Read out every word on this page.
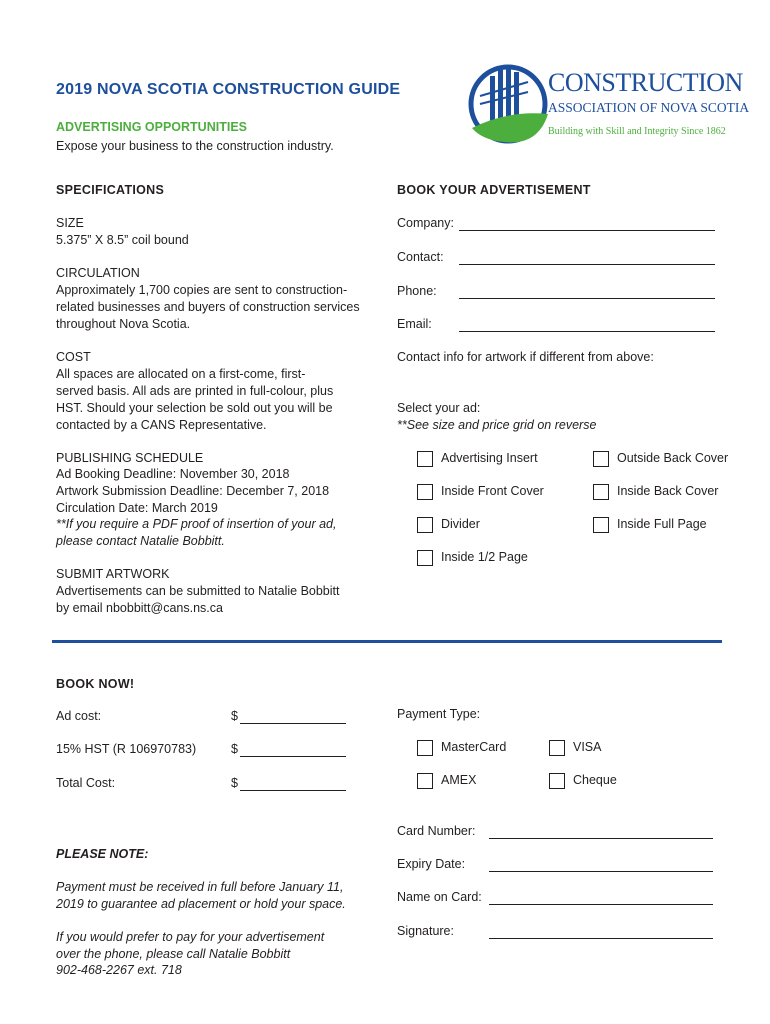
2019 NOVA SCOTIA CONSTRUCTION GUIDE
ADVERTISING OPPORTUNITIES
Expose your business to the construction industry.
CONSTRUCTION
ASSOCIATION OF NOVA SCOTIA
Building with Skill and Integrity Since 1862
SPECIFICATIONS
SIZE
5.375” X 8.5” coil bound
CIRCULATION
Approximately 1,700 copies are sent to construction-
related businesses and buyers of construction services
throughout Nova Scotia.
COST
All spaces are allocated on a first-come, first-
served basis. All ads are printed in full-colour, plus
HST. Should your selection be sold out you will be
contacted by a CANS Representative.
PUBLISHING SCHEDULE
Ad Booking Deadline: November 30, 2018
Artwork Submission Deadline: December 7, 2018
Circulation Date: March 2019
**If you require a PDF proof of insertion of your ad,
please contact Natalie Bobbitt.
SUBMIT ARTWORK
Advertisements can be submitted to Natalie Bobbitt
by email nbobbitt@cans.ns.ca
BOOK YOUR ADVERTISEMENT
Company:
Contact:
Phone:
Email:
Contact info for artwork if different from above:
Select your ad:
**See size and price grid on reverse
Advertising Insert	Outside Back Cover
Inside Front Cover	Inside Back Cover
Divider	Inside Full Page
Inside 1/2 Page
BOOK NOW!
Ad cost:	$
15% HST (R 106970783)	$
Total Cost:	$
Payment Type:
MasterCard	VISA
AMEX	Cheque
Card Number:
Expiry Date:
Name on Card:
Signature:
PLEASE NOTE:
Payment must be received in full before January 11,
2019 to guarantee ad placement or hold your space.
If you would prefer to pay for your advertisement
over the phone, please call Natalie Bobbitt
902-468-2267 ext. 718
